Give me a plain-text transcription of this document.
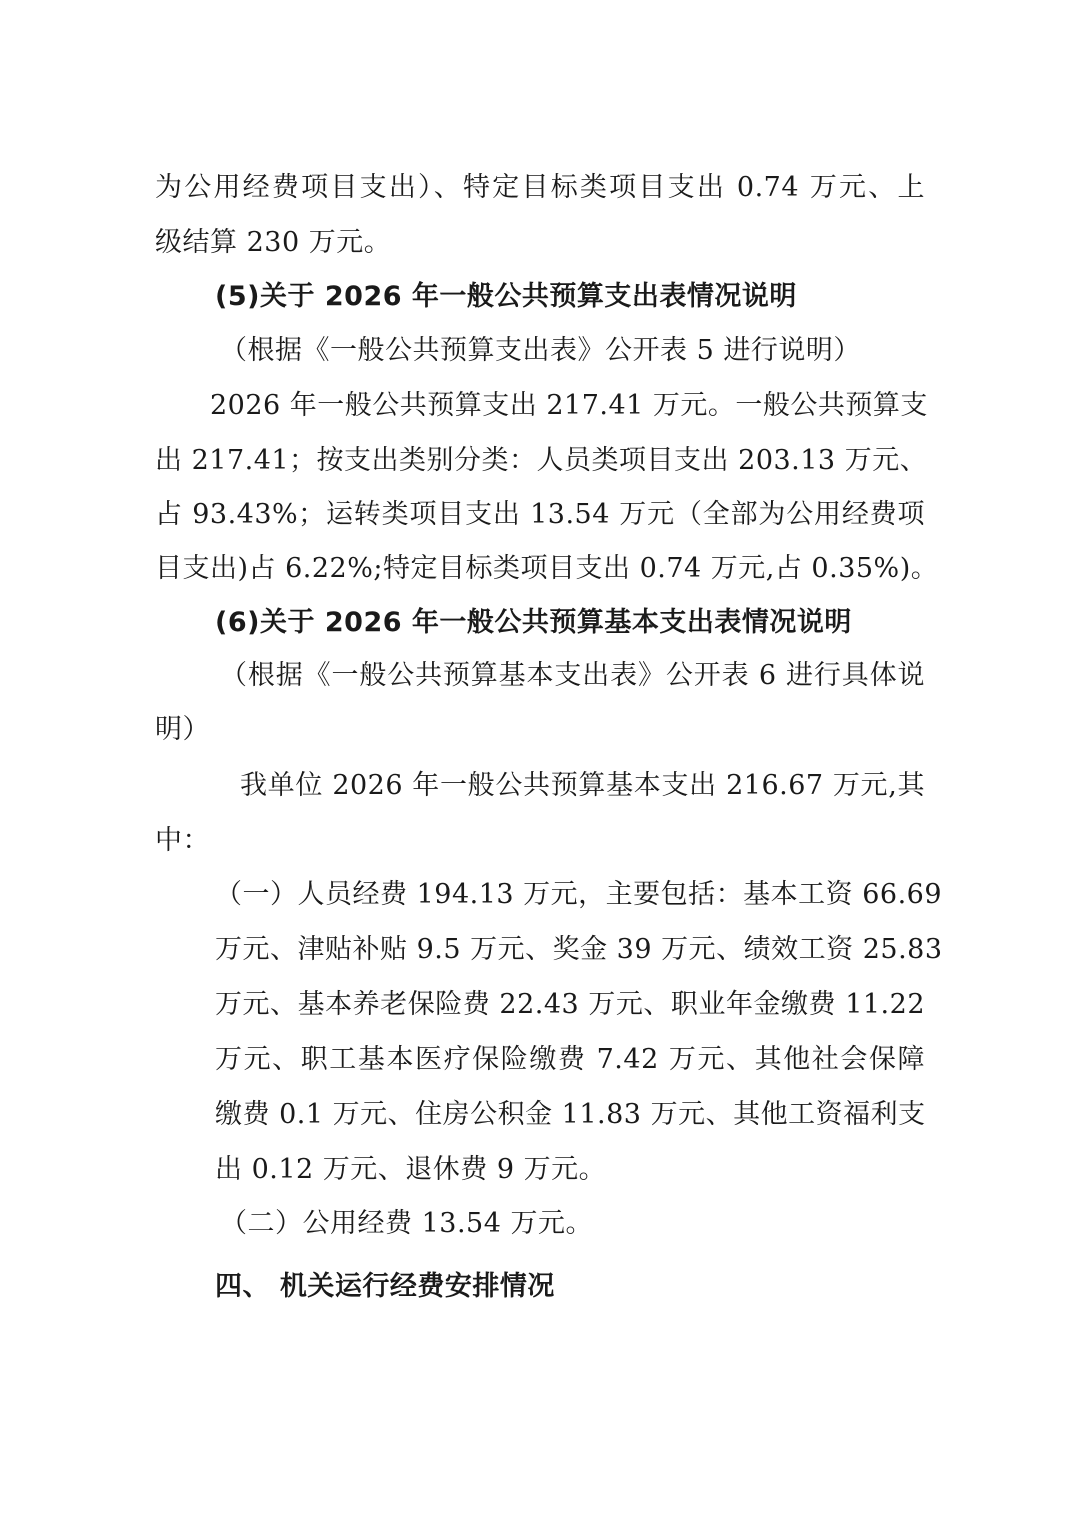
为公用经费项目支出）、特定目标类项目支出 0.74 万元、上
级结算 230 万元。
(5)关于 2026 年一般公共预算支出表情况说明
（根据《一般公共预算支出表》公开表 5 进行说明）
2026 年一般公共预算支出 217.41 万元。一般公共预算支
出 217.41；按支出类别分类：人员类项目支出 203.13 万元、
占 93.43%；运转类项目支出 13.54 万元（全部为公用经费项
目支出)占 6.22%;特定目标类项目支出 0.74 万元,占 0.35%)。
(6)关于 2026 年一般公共预算基本支出表情况说明
（根据《一般公共预算基本支出表》公开表 6 进行具体说
明）
我单位 2026 年一般公共预算基本支出 216.67 万元,其
中：
（一）人员经费 194.13 万元，主要包括：基本工资 66.69
万元、津贴补贴 9.5 万元、奖金 39 万元、绩效工资 25.83
万元、基本养老保险费 22.43 万元、职业年金缴费 11.22
万元、职工基本医疗保险缴费 7.42 万元、其他社会保障
缴费 0.1 万元、住房公积金 11.83 万元、其他工资福利支
出 0.12 万元、退休费 9 万元。
（二）公用经费 13.54 万元。
四、 机关运行经费安排情况
